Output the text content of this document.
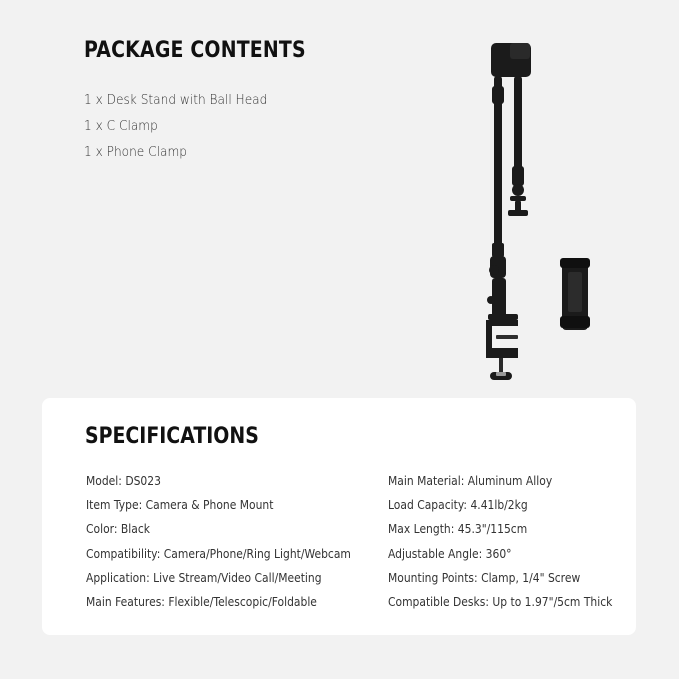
PACKAGE CONTENTS
1 x Desk Stand with Ball Head
1 x C Clamp
1 x Phone Clamp
SPECIFICATIONS
Model: DS023
Item Type: Camera & Phone Mount
Color: Black
Compatibility: Camera/Phone/Ring Light/Webcam
Application: Live Stream/Video Call/Meeting
Main Features: Flexible/Telescopic/Foldable
Main Material: Aluminum Alloy
Load Capacity: 4.41lb/2kg
Max Length: 45.3"/115cm
Adjustable Angle: 360°
Mounting Points: Clamp, 1/4" Screw
Compatible Desks: Up to 1.97"/5cm Thick
